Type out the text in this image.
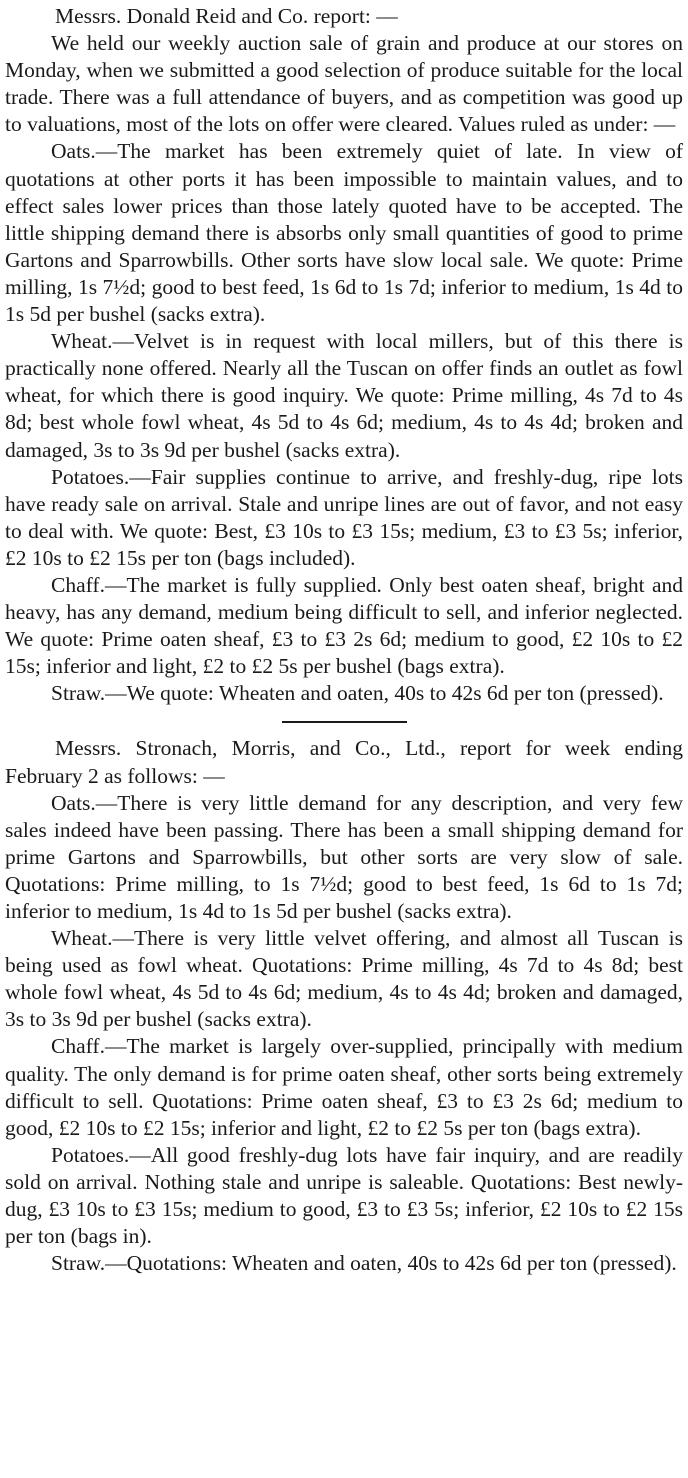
Messrs. Donald Reid and Co. report: —

We held our weekly auction sale of grain and produce at our stores on Monday, when we submitted a good selection of produce suitable for the local trade. There was a full attendance of buyers, and as competition was good up to valuations, most of the lots on offer were cleared. Values ruled as under: —

Oats.—The market has been extremely quiet of late. In view of quotations at other ports it has been impossible to maintain values, and to effect sales lower prices than those lately quoted have to be accepted. The little shipping demand there is absorbs only small quantities of good to prime Gartons and Sparrowbills. Other sorts have slow local sale. We quote: Prime milling, 1s 7½d; good to best feed, 1s 6d to 1s 7d; inferior to medium, 1s 4d to 1s 5d per bushel (sacks extra).

Wheat.—Velvet is in request with local millers, but of this there is practically none offered. Nearly all the Tuscan on offer finds an outlet as fowl wheat, for which there is good inquiry. We quote: Prime milling, 4s 7d to 4s 8d; best whole fowl wheat, 4s 5d to 4s 6d; medium, 4s to 4s 4d; broken and damaged, 3s to 3s 9d per bushel (sacks extra).

Potatoes.—Fair supplies continue to arrive, and freshly-dug, ripe lots have ready sale on arrival. Stale and unripe lines are out of favor, and not easy to deal with. We quote: Best, £3 10s to £3 15s; medium, £3 to £3 5s; inferior, £2 10s to £2 15s per ton (bags included).

Chaff.—The market is fully supplied. Only best oaten sheaf, bright and heavy, has any demand, medium being difficult to sell, and inferior neglected. We quote: Prime oaten sheaf, £3 to £3 2s 6d; medium to good, £2 10s to £2 15s; inferior and light, £2 to £2 5s per bushel (bags extra).

Straw.—We quote: Wheaten and oaten, 40s to 42s 6d per ton (pressed).

Messrs. Stronach, Morris, and Co., Ltd., report for week ending February 2 as follows: —

Oats.—There is very little demand for any description, and very few sales indeed have been passing. There has been a small shipping demand for prime Gartons and Sparrowbills, but other sorts are very slow of sale. Quotations: Prime milling, to 1s 7½d; good to best feed, 1s 6d to 1s 7d; inferior to medium, 1s 4d to 1s 5d per bushel (sacks extra).

Wheat.—There is very little velvet offering, and almost all Tuscan is being used as fowl wheat. Quotations: Prime milling, 4s 7d to 4s 8d; best whole fowl wheat, 4s 5d to 4s 6d; medium, 4s to 4s 4d; broken and damaged, 3s to 3s 9d per bushel (sacks extra).

Chaff.—The market is largely over-supplied, principally with medium quality. The only demand is for prime oaten sheaf, other sorts being extremely difficult to sell. Quotations: Prime oaten sheaf, £3 to £3 2s 6d; medium to good, £2 10s to £2 15s; inferior and light, £2 to £2 5s per ton (bags extra).

Potatoes.—All good freshly-dug lots have fair inquiry, and are readily sold on arrival. Nothing stale and unripe is saleable. Quotations: Best newly-dug, £3 10s to £3 15s; medium to good, £3 to £3 5s; inferior, £2 10s to £2 15s per ton (bags in).

Straw.—Quotations: Wheaten and oaten, 40s to 42s 6d per ton (pressed).
